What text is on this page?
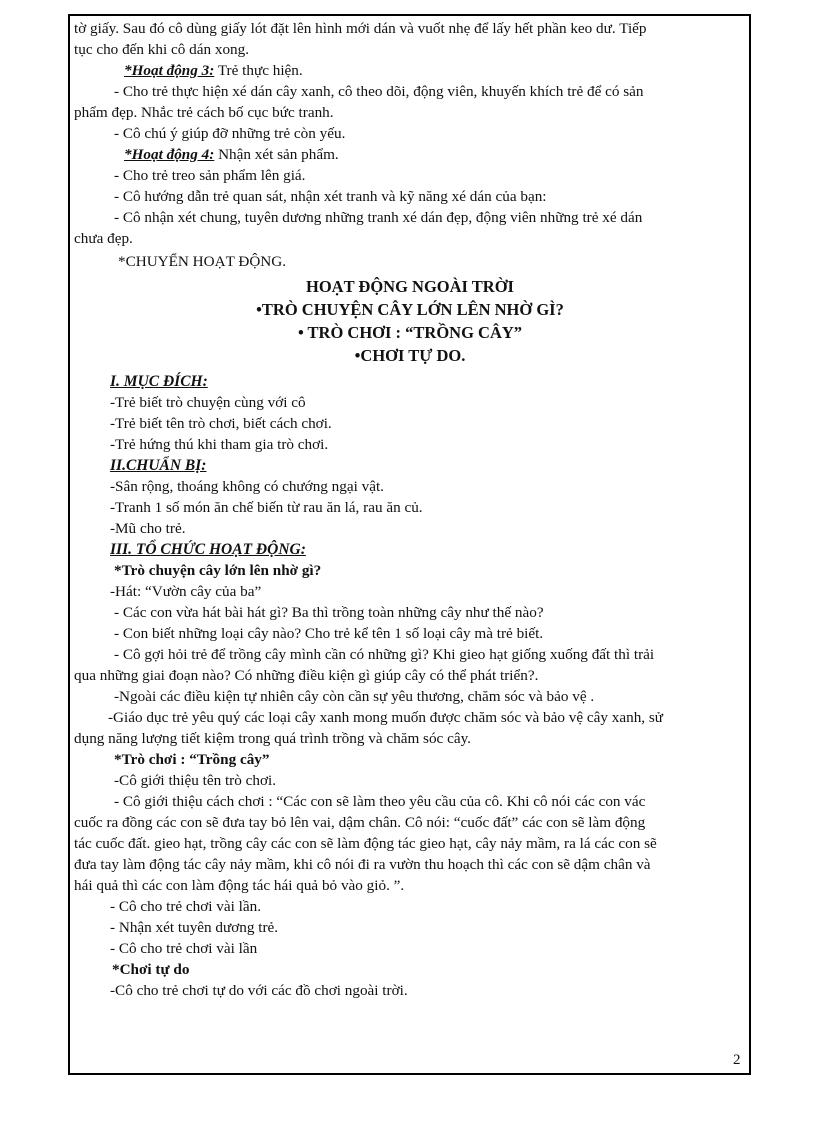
tờ giấy. Sau đó cô dùng giấy lót đặt lên hình mới dán và vuốt nhẹ để lấy hết phần keo dư. Tiếp
tục cho đến khi cô dán xong.
*Hoạt động 3: Trẻ thực hiện.
- Cho trẻ thực hiện xé dán cây xanh, cô theo dõi, động viên, khuyến khích trẻ để có sản
phẩm đẹp. Nhắc trẻ cách bố cục bức tranh.
- Cô chú ý giúp đỡ những trẻ còn yếu.
*Hoạt động 4: Nhận xét sản phẩm.
- Cho trẻ treo sản phẩm lên giá.
- Cô hướng dẫn trẻ quan sát, nhận xét tranh và kỹ năng xé dán của bạn:
- Cô nhận xét chung, tuyên dương những tranh xé dán đẹp, động viên những trẻ xé dán
chưa đẹp.
*CHUYỂN HOẠT ĐỘNG.
HOẠT ĐỘNG NGOÀI TRỜI
•TRÒ CHUYỆN CÂY LỚN LÊN NHỜ GÌ?
• TRÒ CHƠI : “TRỒNG CÂY”
•CHƠI TỰ DO.
I. MỤC ĐÍCH:
-Trẻ biết trò chuyện cùng với cô
-Trẻ biết tên trò chơi, biết cách chơi.
-Trẻ hứng thú khi tham gia trò chơi.
II.CHUẨN BỊ:
-Sân rộng, thoáng không có chướng ngại vật.
-Tranh 1 số món ăn chế biến từ rau ăn lá, rau ăn củ.
-Mũ cho trẻ.
III. TỔ CHỨC HOẠT ĐỘNG:
*Trò chuyện cây lớn lên nhờ gì?
-Hát: “Vườn cây của ba”
- Các con vừa hát bài hát gì? Ba thì trồng toàn những cây như thế nào?
- Con biết những loại cây nào? Cho trẻ kể tên 1 số loại cây mà trẻ biết.
- Cô gợi hỏi trẻ để trồng cây mình cần có những gì? Khi gieo hạt giống xuống đất thì trải
qua những giai đoạn nào? Có những điều kiện gì giúp cây có thể phát triển?.
-Ngoài các điều kiện tự nhiên cây còn cần sự yêu thương, chăm sóc và bảo vệ .
-Giáo dục trẻ yêu quý các loại cây xanh mong muốn được chăm sóc và bảo vệ cây xanh, sử
dụng năng lượng tiết kiệm trong quá trình trồng và chăm sóc cây.
*Trò chơi : “Trồng cây”
-Cô giới thiệu tên trò chơi.
- Cô giới thiệu cách chơi : “Các con sẽ làm theo yêu cầu của cô. Khi cô nói các con vác
cuốc ra đồng các con sẽ đưa tay bỏ lên vai, dậm chân. Cô nói: “cuốc đất” các con sẽ làm động
tác cuốc đất. gieo hạt, trồng cây các con sẽ làm động tác gieo hạt, cây nảy mầm, ra lá các con sẽ
đưa tay làm động tác cây nảy mầm, khi cô nói đi ra vườn thu hoạch thì các con sẽ dậm chân và
hái quả thì các con làm động tác hái quả bỏ vào giỏ. ”.
- Cô cho trẻ chơi vài lần.
- Nhận xét tuyên dương trẻ.
- Cô cho trẻ chơi vài lần
*Chơi tự do
-Cô cho trẻ chơi tự do với các đồ chơi ngoài trời.
2
